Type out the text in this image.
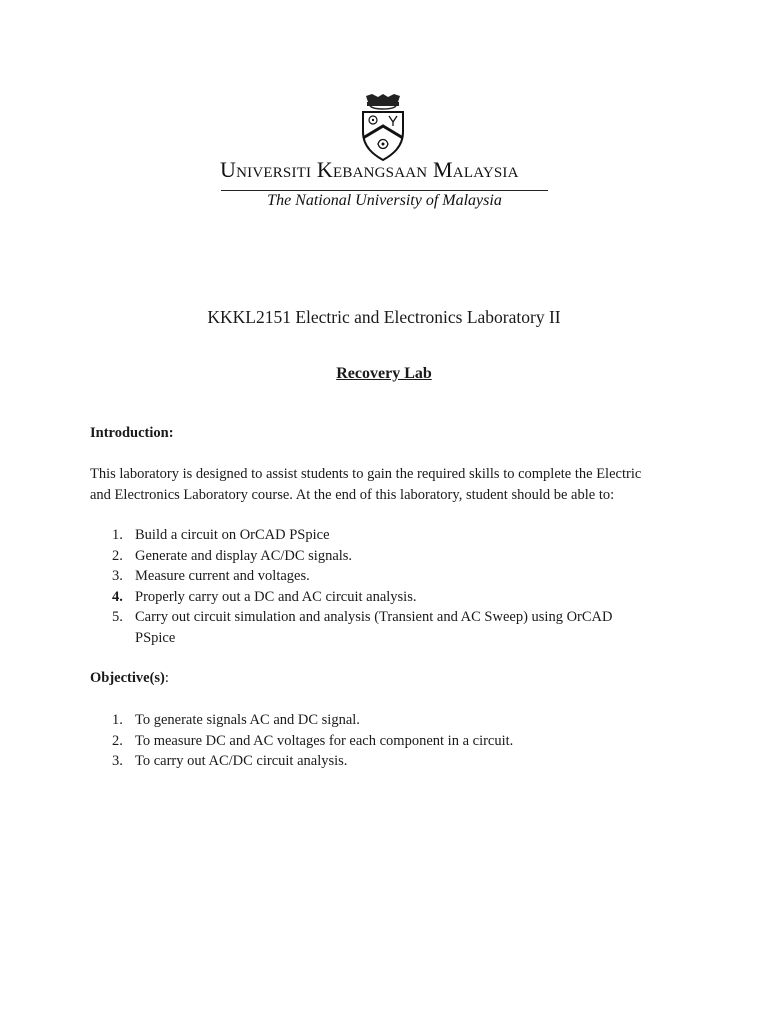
Universiti Kebangsaan Malaysia
The National University of Malaysia
KKKL2151 Electric and Electronics Laboratory II
Recovery Lab
Introduction:
This laboratory is designed to assist students to gain the required skills to complete the Electric
and Electronics Laboratory course. At the end of this laboratory, student should be able to:
1. Build a circuit on OrCAD PSpice
2. Generate and display AC/DC signals.
3. Measure current and voltages.
4. Properly carry out a DC and AC circuit analysis.
5. Carry out circuit simulation and analysis (Transient and AC Sweep) using OrCAD
PSpice
Objective(s):
1. To generate signals AC and DC signal.
2. To measure DC and AC voltages for each component in a circuit.
3. To carry out AC/DC circuit analysis.
